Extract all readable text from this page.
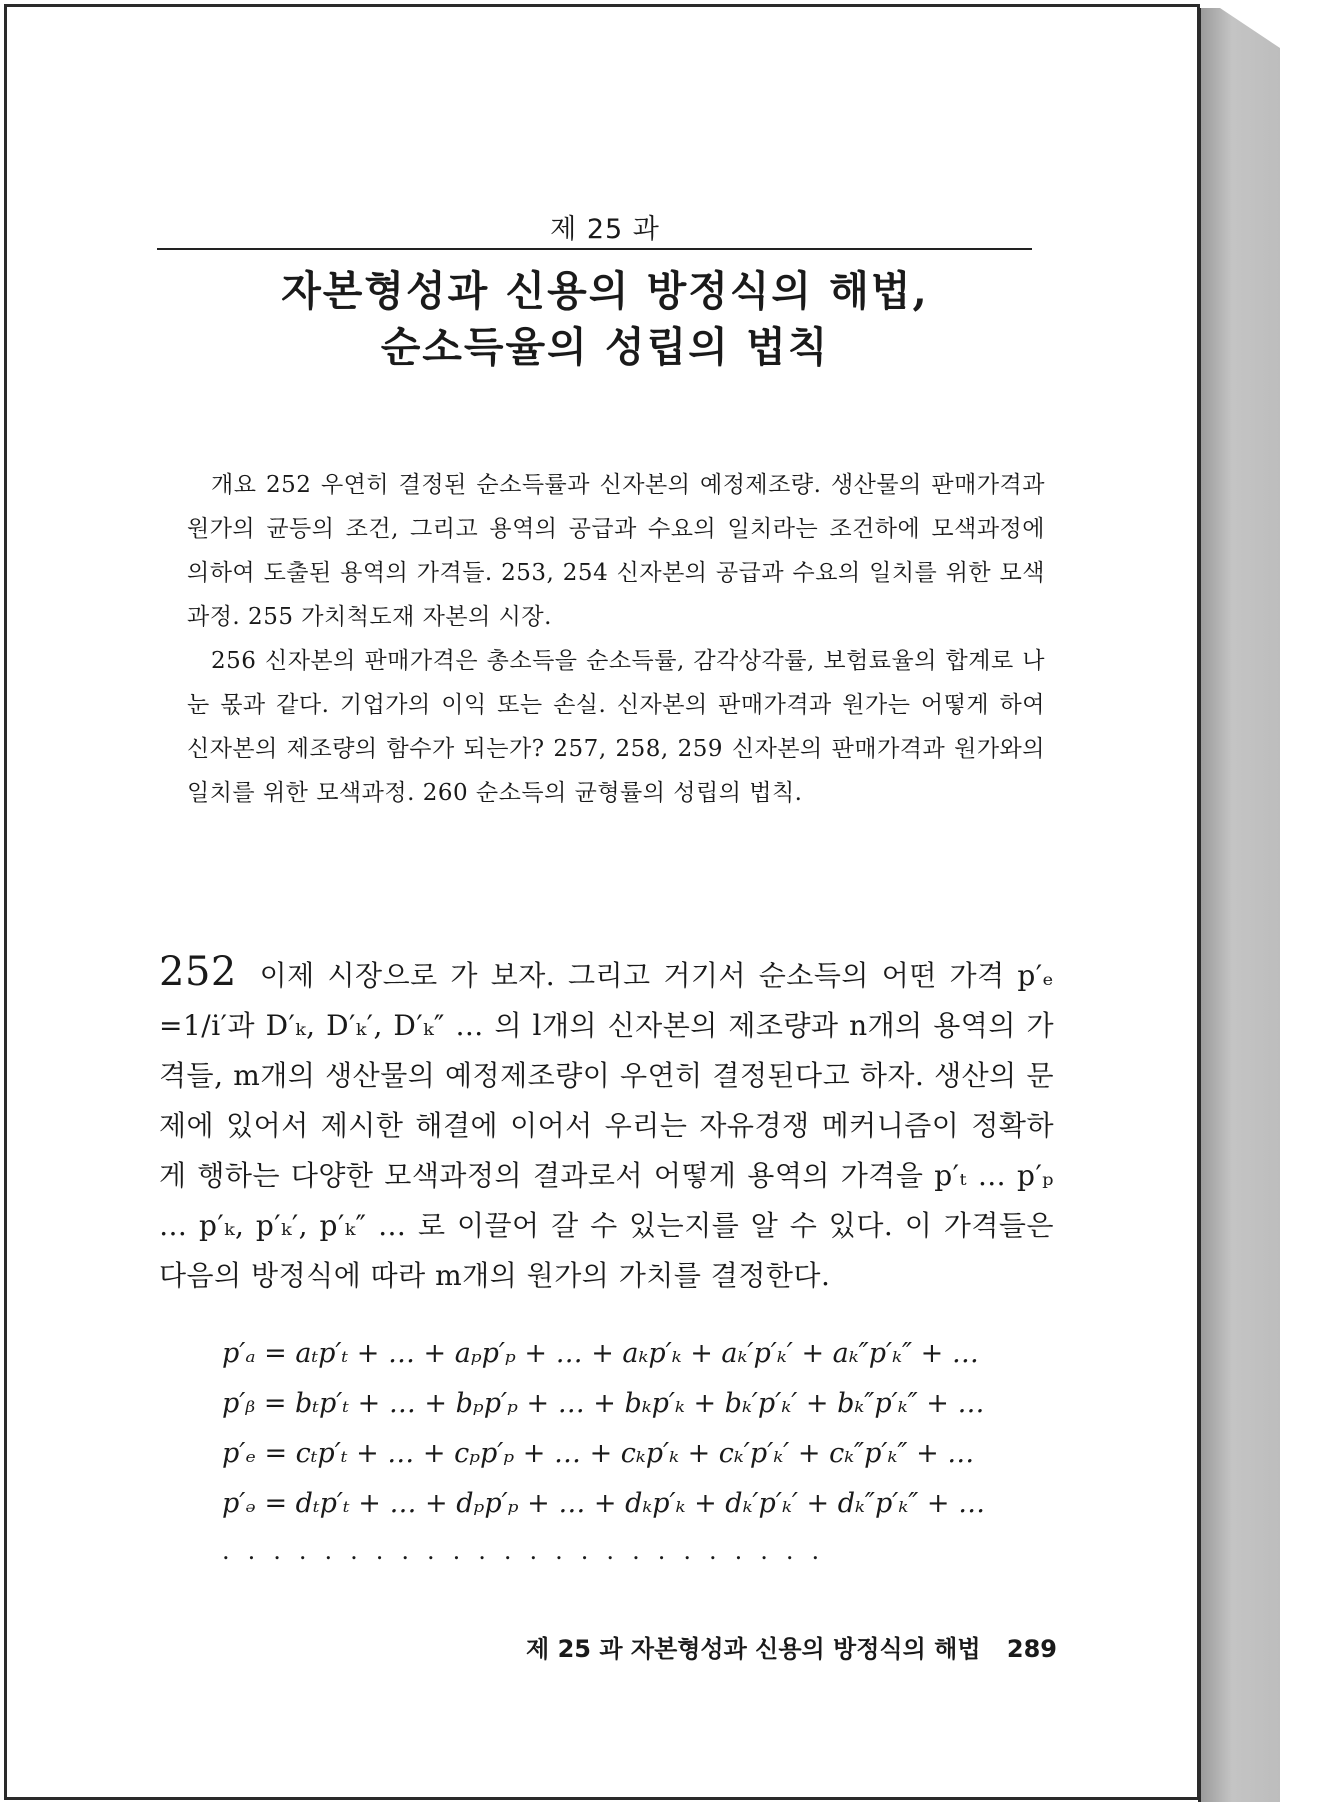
제 25 과
자본형성과 신용의 방정식의 해법,
순소득율의 성립의 법칙

개요 252 우연히 결정된 순소득률과 신자본의 예정제조량. 생산물의 판매가격과 원가의 균등의 조건, 그리고 용역의 공급과 수요의 일치라는 조건하에 모색과정에 의하여 도출된 용역의 가격들. 253, 254 신자본의 공급과 수요의 일치를 위한 모색과정. 255 가치척도재 자본의 시장.

256 신자본의 판매가격은 총소득을 순소득률, 감각상각률, 보험료율의 합계로 나눈 몫과 같다. 기업가의 이익 또는 손실. 신자본의 판매가격과 원가는 어떻게 하여 신자본의 제조량의 함수가 되는가? 257, 258, 259 신자본의 판매가격과 원가와의 일치를 위한 모색과정. 260 순소득의 균형률의 성립의 법칙.

252 이제 시장으로 가 보자. 그리고 거기서 순소득의 어떤 가격 p′ₑ =1/i′과 D′ₖ, D′ₖ′, D′ₖ″ … 의 l개의 신자본의 제조량과 n개의 용역의 가격들, m개의 생산물의 예정제조량이 우연히 결정된다고 하자. 생산의 문제에 있어서 제시한 해결에 이어서 우리는 자유경쟁 메커니즘이 정확하게 행하는 다양한 모색과정의 결과로서 어떻게 용역의 가격을 p′ₜ … p′ₚ … p′ₖ, p′ₖ′, p′ₖ″ … 로 이끌어 갈 수 있는지를 알 수 있다. 이 가격들은 다음의 방정식에 따라 m개의 원가의 가치를 결정한다.
p′ₐ = aₜp′ₜ + … + aₚp′ₚ + … + aₖp′ₖ + aₖ′p′ₖ′ + aₖ″p′ₖ″ + …
p′ᵦ = bₜp′ₜ + … + bₚp′ₚ + … + bₖp′ₖ + bₖ′p′ₖ′ + bₖ″p′ₖ″ + …
p′ₑ = cₜp′ₜ + … + cₚp′ₚ + … + cₖp′ₖ + cₖ′p′ₖ′ + cₖ″p′ₖ″ + …
p′ₔ = dₜp′ₜ + … + dₚp′ₚ + … + dₖp′ₖ + dₖ′p′ₖ′ + dₖ″p′ₖ″ + …
........................
제 25 과 자본형성과 신용의 방정식의 해법 289
